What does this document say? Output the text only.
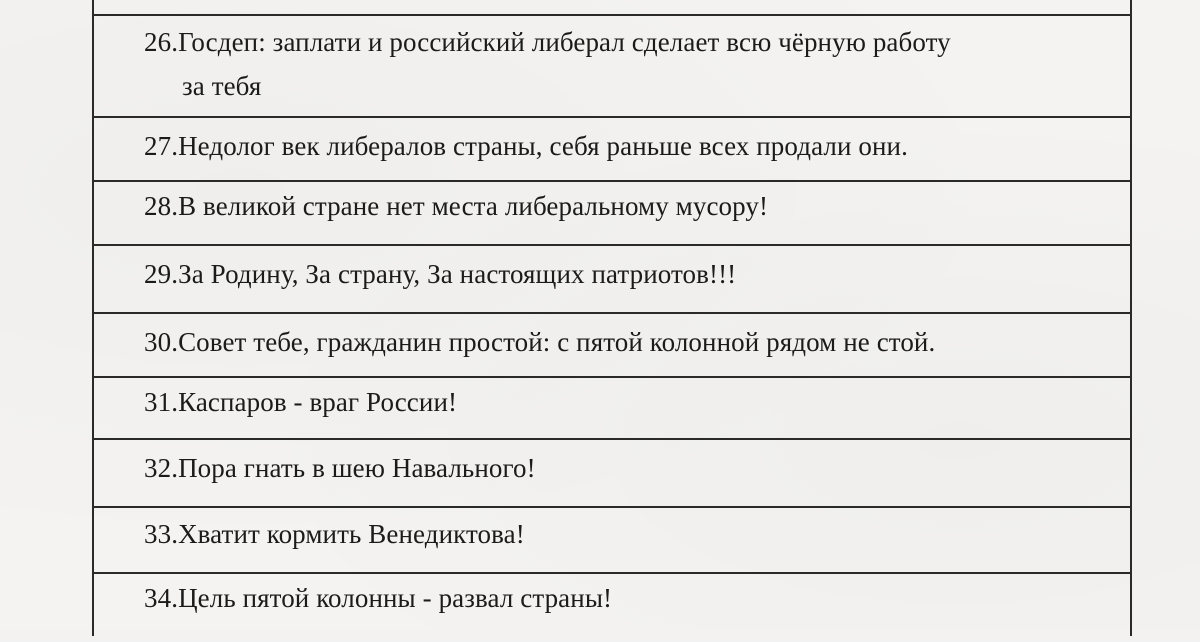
26.Госдеп: заплати и российский либерал сделает всю чёрную работу
за тебя
27.Недолог век либералов страны, себя раньше всех продали они.
28.В великой стране нет места либеральному мусору!
29.За Родину, За страну, За настоящих патриотов!!!
30.Совет тебе, гражданин простой: с пятой колонной рядом не стой.
31.Каспаров - враг России!
32.Пора гнать в шею Навального!
33.Хватит кормить Венедиктова!
34.Цель пятой колонны - развал страны!
